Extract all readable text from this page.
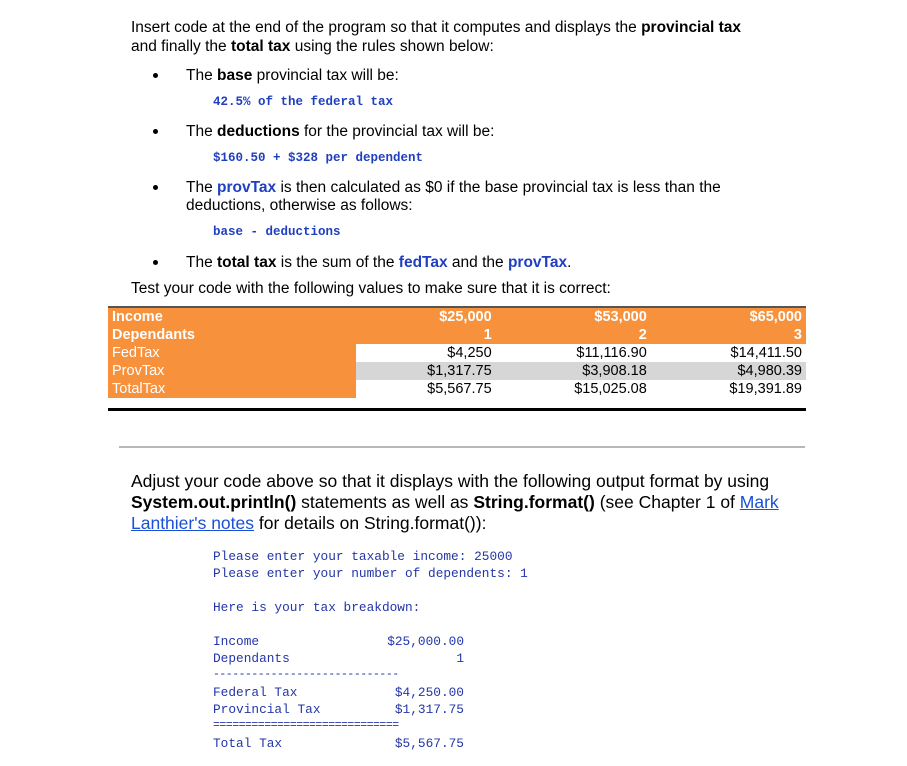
Insert code at the end of the program so that it computes and displays the provincial tax
and finally the total tax using the rules shown below:
The base provincial tax will be:
42.5% of the federal tax
The deductions for the provincial tax will be:
$160.50 + $328 per dependent
The provTax is then calculated as $0 if the base provincial tax is less than the
deductions, otherwise as follows:
base - deductions
The total tax is the sum of the fedTax and the provTax.
Test your code with the following values to make sure that it is correct:
Income	$25,000	$53,000	$65,000
Dependants	1	2	3
FedTax	$4,250	$11,116.90	$14,411.50
ProvTax	$1,317.75	$3,908.18	$4,980.39
TotalTax	$5,567.75	$15,025.08	$19,391.89
Adjust your code above so that it displays with the following output format by using
System.out.println() statements as well as String.format() (see Chapter 1 of Mark
Lanthier's notes for details on String.format()):
Please enter your taxable income: 25000
Please enter your number of dependents: 1
Here is your tax breakdown:
Income	$25,000.00
Dependants	1
-----------------------------
Federal Tax	$4,250.00
Provincial Tax	$1,317.75
=============================
Total Tax	$5,567.75
